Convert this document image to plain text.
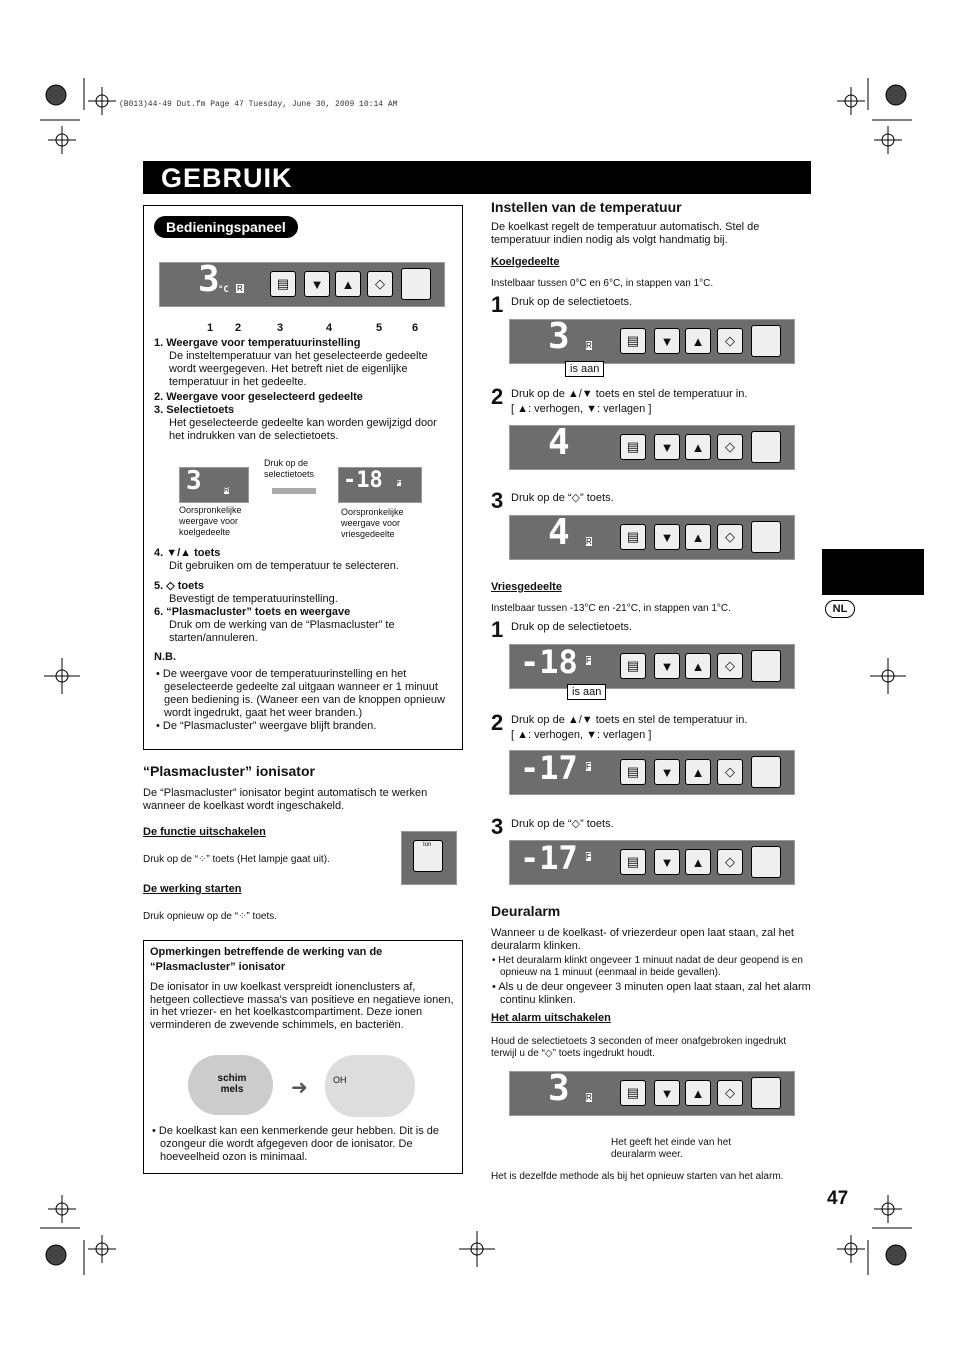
(B013)44-49 Dut.fm Page 47 Tuesday, June 30, 2009 10:14 AM
GEBRUIK
NL
Bedieningspaneel
3
°C R	▤	▼	▲	◇
1 2	3	4	5	6
1. Weergave voor temperatuurinstelling
De insteltemperatuur van het geselecteerde gedeelte wordt weergegeven. Het betreft niet de eigenlijke temperatuur in het gedeelte.
2. Weergave voor geselecteerd gedeelte
3. Selectietoets
Het geselecteerde gedeelte kan worden gewijzigd door het indrukken van de selectietoets.
3	R
Druk op de selectietoets	-18 F
Oorspronkelijke weergave voor koelgedeelte
Oorspronkelijke weergave voor vriesgedeelte
4. ▼/▲ toets
Dit gebruiken om de temperatuur te selecteren.
5. ◇ toets
Bevestigt de temperatuurinstelling.
6. “Plasmacluster” toets en weergave
Druk om de werking van de “Plasmacluster” te starten/annuleren.
N.B.
• De weergave voor de temperatuurinstelling en het geselecteerde gedeelte zal uitgaan wanneer er 1 minuut geen bediening is. (Waneer een van de knoppen opnieuw wordt ingedrukt, gaat het weer branden.)
• De “Plasmacluster” weergave blijft branden.
“Plasmacluster” ionisator
De “Plasmacluster” ionisator begint automatisch te werken wanneer de koelkast wordt ingeschakeld.
De functie uitschakelen
Druk op de “⁘” toets (Het lampje gaat uit).
De werking starten
Druk opnieuw op de “⁘” toets.
Ion
Opmerkingen betreffende de werking van de “Plasmacluster” ionisator
De ionisator in uw koelkast verspreidt ionenclusters af, hetgeen collectieve massa's van positieve en negatieve ionen, in het vriezer- en het koelkastcompartiment. Deze ionen verminderen de zwevende schimmels, en bacteriën.
schim mels	➜	OH
• De koelkast kan een kenmerkende geur hebben. Dit is de ozongeur die wordt afgegeven door de ionisator. De hoeveelheid ozon is minimaal.
Instellen van de temperatuur
De koelkast regelt de temperatuur automatisch. Stel de temperatuur indien nodig als volgt handmatig bij.
Koelgedeelte
Instelbaar tussen 0°C en 6°C, in stappen van 1°C.
1 Druk op de selectietoets.
3 R	▤	▼	▲	◇
is aan
2 Druk op de ▲/▼ toets en stel de temperatuur in.
[ ▲: verhogen, ▼: verlagen ]
4	▤	▼	▲	◇
3 Druk op de “◇” toets.
4 R	▤	▼	▲	◇
Vriesgedeelte
Instelbaar tussen -13°C en -21°C, in stappen van 1°C.
1 Druk op de selectietoets.
-18 F	▤	▼	▲	◇
is aan
2 Druk op de ▲/▼ toets en stel de temperatuur in.
[ ▲: verhogen, ▼: verlagen ]
-17 F	▤	▼	▲	◇
3 Druk op de “◇” toets.
-17 F	▤	▼	▲	◇
Deuralarm
Wanneer u de koelkast- of vriezerdeur open laat staan, zal het deuralarm klinken.
• Het deuralarm klinkt ongeveer 1 minuut nadat de deur geopend is en opnieuw na 1 minuut (eenmaal in beide gevallen).
• Als u de deur ongeveer 3 minuten open laat staan, zal het alarm continu klinken.
Het alarm uitschakelen
Houd de selectietoets 3 seconden of meer onafgebroken ingedrukt terwijl u de “◇” toets ingedrukt houdt.
3 R	▤	▼	▲	◇
Het geeft het einde van het deuralarm weer.
Het is dezelfde methode als bij het opnieuw starten van het alarm.
47
